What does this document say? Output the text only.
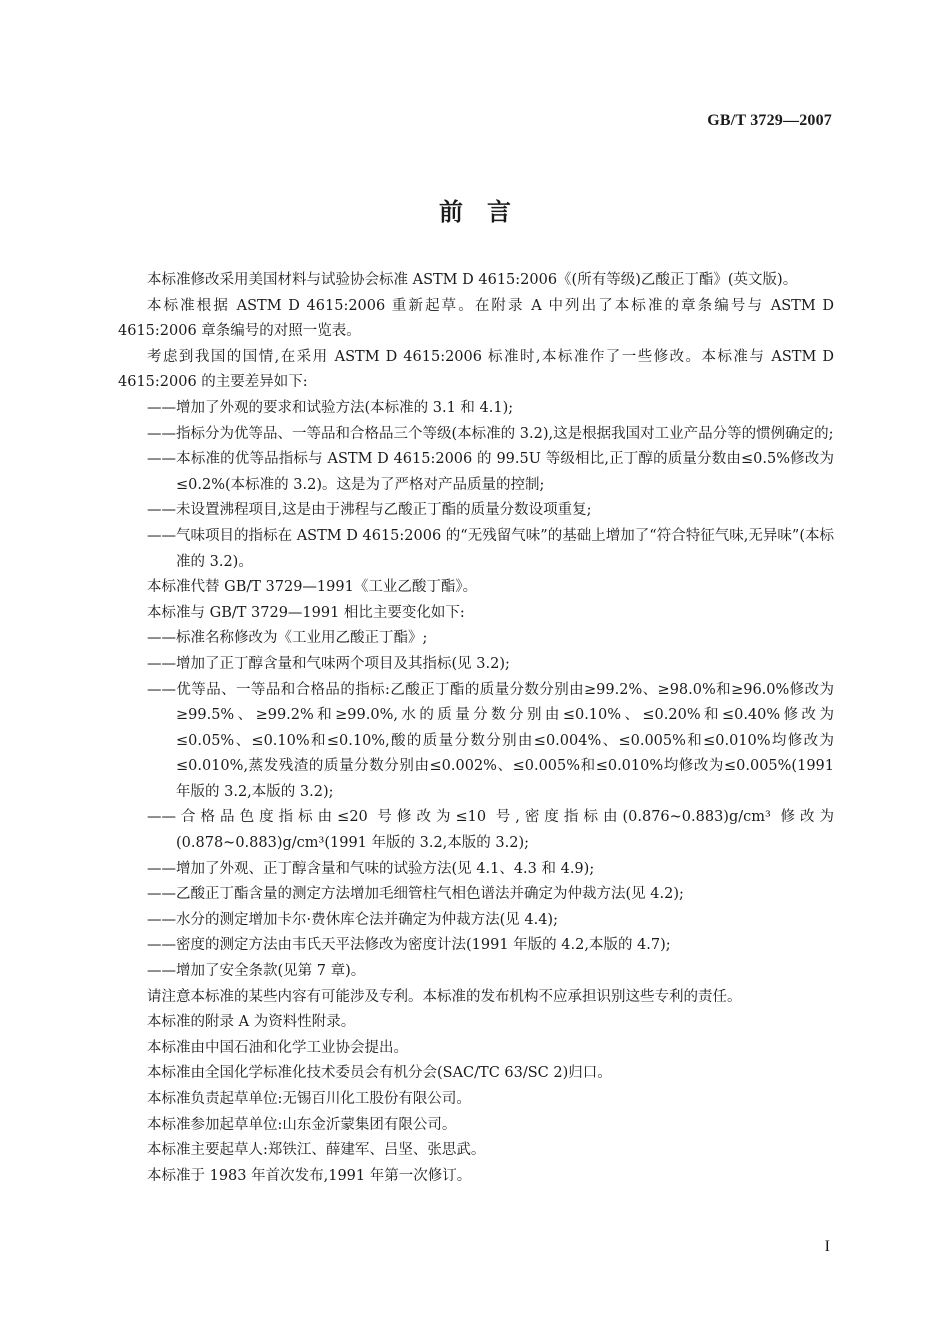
GB/T 3729—2007
前言

本标准修改采用美国材料与试验协会标准 ASTM D 4615:2006《(所有等级)乙酸正丁酯》(英文版)。

本标准根据 ASTM D 4615:2006 重新起草。在附录 A 中列出了本标准的章条编号与 ASTM D 4615:2006 章条编号的对照一览表。

考虑到我国的国情,在采用 ASTM D 4615:2006 标准时,本标准作了一些修改。本标准与 ASTM D 4615:2006 的主要差异如下:

——增加了外观的要求和试验方法(本标准的 3.1 和 4.1);

——指标分为优等品、一等品和合格品三个等级(本标准的 3.2),这是根据我国对工业产品分等的惯例确定的;

——本标准的优等品指标与 ASTM D 4615:2006 的 99.5U 等级相比,正丁醇的质量分数由≤0.5%修改为≤0.2%(本标准的 3.2)。这是为了严格对产品质量的控制;

——未设置沸程项目,这是由于沸程与乙酸正丁酯的质量分数设项重复;

——气味项目的指标在 ASTM D 4615:2006 的“无残留气味”的基础上增加了“符合特征气味,无异味”(本标准的 3.2)。

本标准代替 GB/T 3729—1991《工业乙酸丁酯》。

本标准与 GB/T 3729—1991 相比主要变化如下:

——标准名称修改为《工业用乙酸正丁酯》;

——增加了正丁醇含量和气味两个项目及其指标(见 3.2);

——优等品、一等品和合格品的指标:乙酸正丁酯的质量分数分别由≥99.2%、≥98.0%和≥96.0%修改为≥99.5%、≥99.2%和≥99.0%,水的质量分数分别由≤0.10%、≤0.20%和≤0.40%修改为≤0.05%、≤0.10%和≤0.10%,酸的质量分数分别由≤0.004%、≤0.005%和≤0.010%均修改为≤0.010%,蒸发残渣的质量分数分别由≤0.002%、≤0.005%和≤0.010%均修改为≤0.005%(1991 年版的 3.2,本版的 3.2);

——合格品色度指标由≤20 号修改为≤10 号,密度指标由(0.876~0.883)g/cm³ 修改为(0.878~0.883)g/cm³(1991 年版的 3.2,本版的 3.2);

——增加了外观、正丁醇含量和气味的试验方法(见 4.1、4.3 和 4.9);

——乙酸正丁酯含量的测定方法增加毛细管柱气相色谱法并确定为仲裁方法(见 4.2);

——水分的测定增加卡尔·费休库仑法并确定为仲裁方法(见 4.4);

——密度的测定方法由韦氏天平法修改为密度计法(1991 年版的 4.2,本版的 4.7);

——增加了安全条款(见第 7 章)。

请注意本标准的某些内容有可能涉及专利。本标准的发布机构不应承担识别这些专利的责任。

本标准的附录 A 为资料性附录。

本标准由中国石油和化学工业协会提出。

本标准由全国化学标准化技术委员会有机分会(SAC/TC 63/SC 2)归口。

本标准负责起草单位:无锡百川化工股份有限公司。

本标准参加起草单位:山东金沂蒙集团有限公司。

本标准主要起草人:郑铁江、薛建军、吕坚、张思武。

本标准于 1983 年首次发布,1991 年第一次修订。

I
